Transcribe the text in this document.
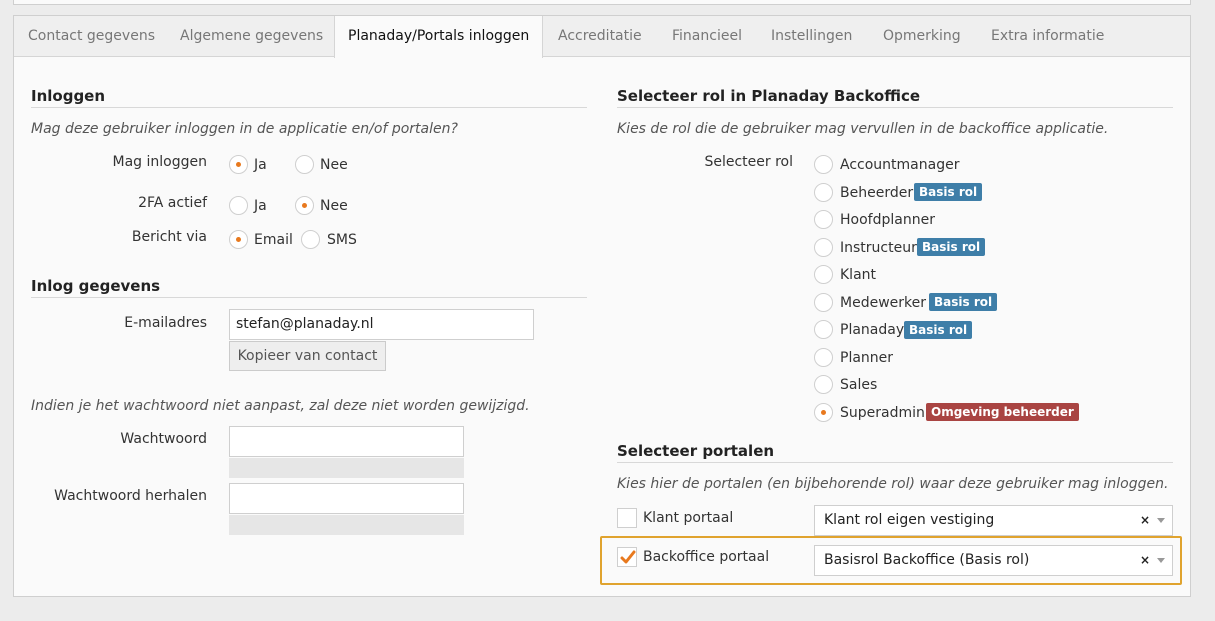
Contact gegevens Algemene gegevens	Planaday/Portals inloggen	Accreditatie Financieel Instellingen Opmerking Extra informatie
Inloggen
Mag deze gebruiker inloggen in de applicatie en/of portalen?
Mag inloggen	Ja	Nee
2FA actief	Ja	Nee
Bericht via	Email SMS
Inlog gegevens
E-mailadres	stefan@planaday.nl
Kopieer van contact
Indien je het wachtwoord niet aanpast, zal deze niet worden gewijzigd.
Wachtwoord
Wachtwoord herhalen
Selecteer rol in Planaday Backoffice
Kies de rol die de gebruiker mag vervullen in de backoffice applicatie.
Selecteer rol	Accountmanager
Beheerder Basis rol
Hoofdplanner
Instructeur Basis rol
Klant
Medewerker Basis rol
Planaday Basis rol
Planner
Sales
Superadmin Omgeving beheerder
Selecteer portalen
Kies hier de portalen (en bijbehorende rol) waar deze gebruiker mag inloggen.
Klant portaal	Klant rol eigen vestiging	×
Backoffice portaal	Basisrol Backoffice (Basis rol)	×
